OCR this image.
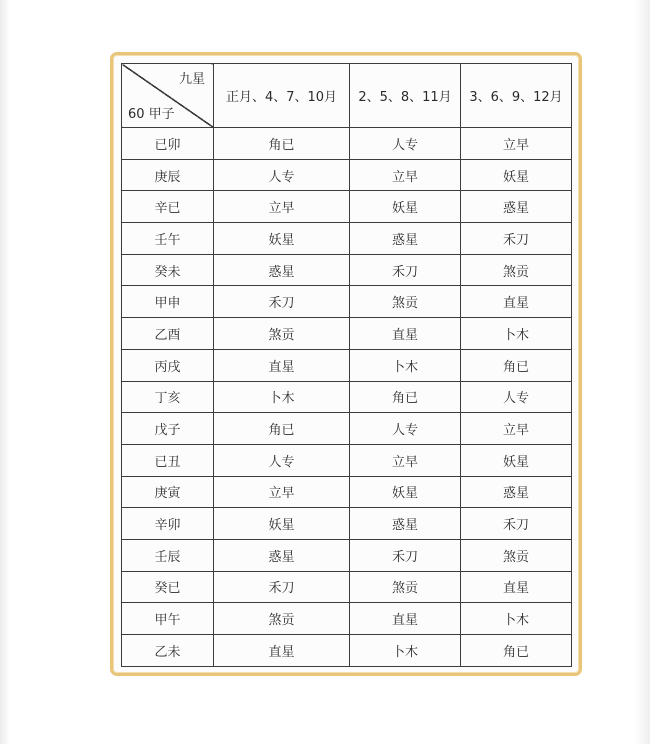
九星
60 甲子	正月、4、7、10月	2、5、8、11月	3、6、9、12月
已卯	角已	人专	立早
庚辰	人专	立早	妖星
辛已	立早	妖星	惑星
壬午	妖星	惑星	禾刀
癸未	惑星	禾刀	煞贡
甲申	禾刀	煞贡	直星
乙酉	煞贡	直星	卜木
丙戌	直星	卜木	角已
丁亥	卜木	角已	人专
戊子	角已	人专	立早
已丑	人专	立早	妖星
庚寅	立早	妖星	惑星
辛卯	妖星	惑星	禾刀
壬辰	惑星	禾刀	煞贡
癸已	禾刀	煞贡	直星
甲午	煞贡	直星	卜木
乙未	直星	卜木	角已
